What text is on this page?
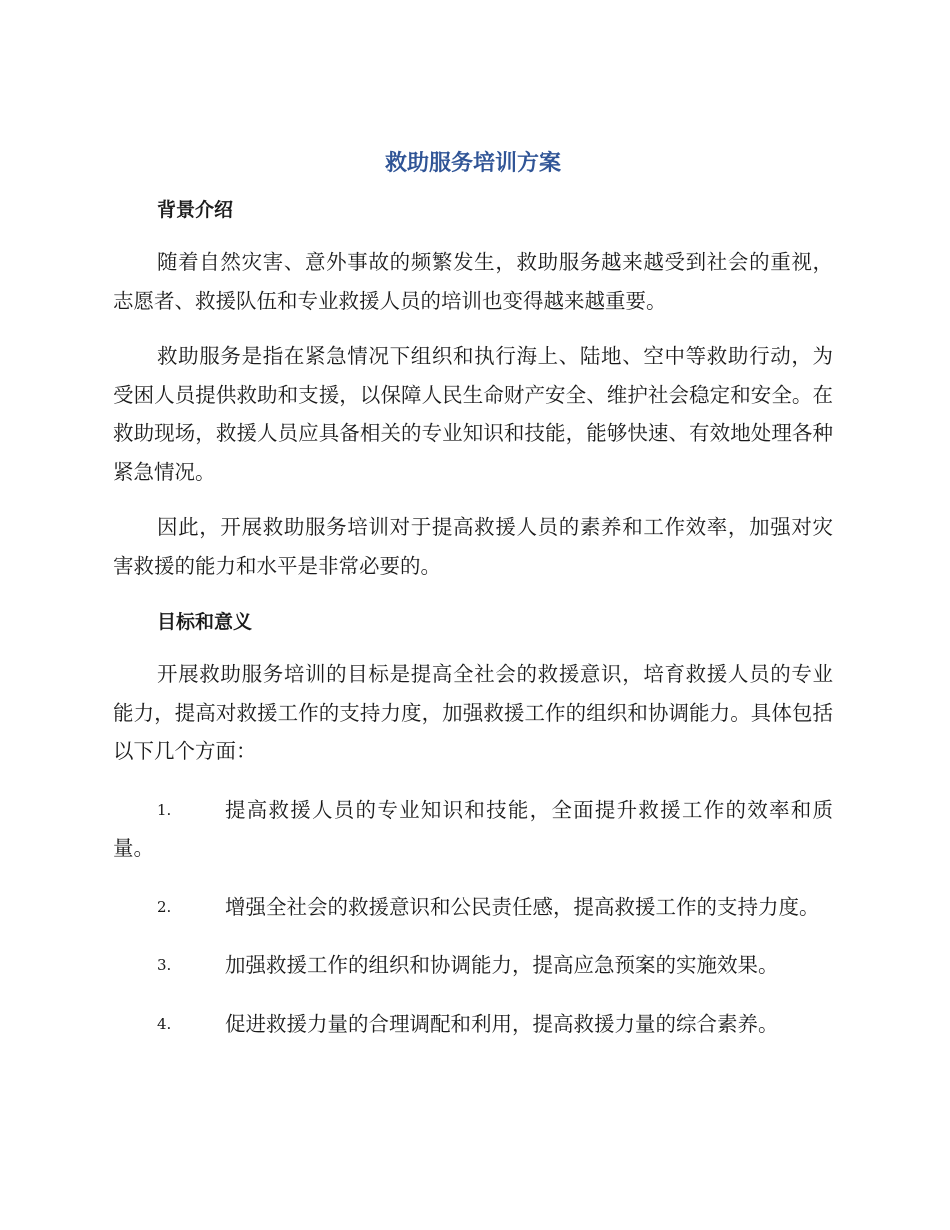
救助服务培训方案
背景介绍

随着自然灾害、意外事故的频繁发生，救助服务越来越受到社会的重视，志愿者、救援队伍和专业救援人员的培训也变得越来越重要。

救助服务是指在紧急情况下组织和执行海上、陆地、空中等救助行动，为受困人员提供救助和支援，以保障人民生命财产安全、维护社会稳定和安全。在救助现场，救援人员应具备相关的专业知识和技能，能够快速、有效地处理各种紧急情况。

因此，开展救助服务培训对于提高救援人员的素养和工作效率，加强对灾害救援的能力和水平是非常必要的。

目标和意义

开展救助服务培训的目标是提高全社会的救援意识，培育救援人员的专业能力，提高对救援工作的支持力度，加强救援工作的组织和协调能力。具体包括以下几个方面：

1.	提高救援人员的专业知识和技能，全面提升救援工作的效率和质量。
2.	增强全社会的救援意识和公民责任感，提高救援工作的支持力度。
3.	加强救援工作的组织和协调能力，提高应急预案的实施效果。
4.	促进救援力量的合理调配和利用，提高救援力量的综合素养。
